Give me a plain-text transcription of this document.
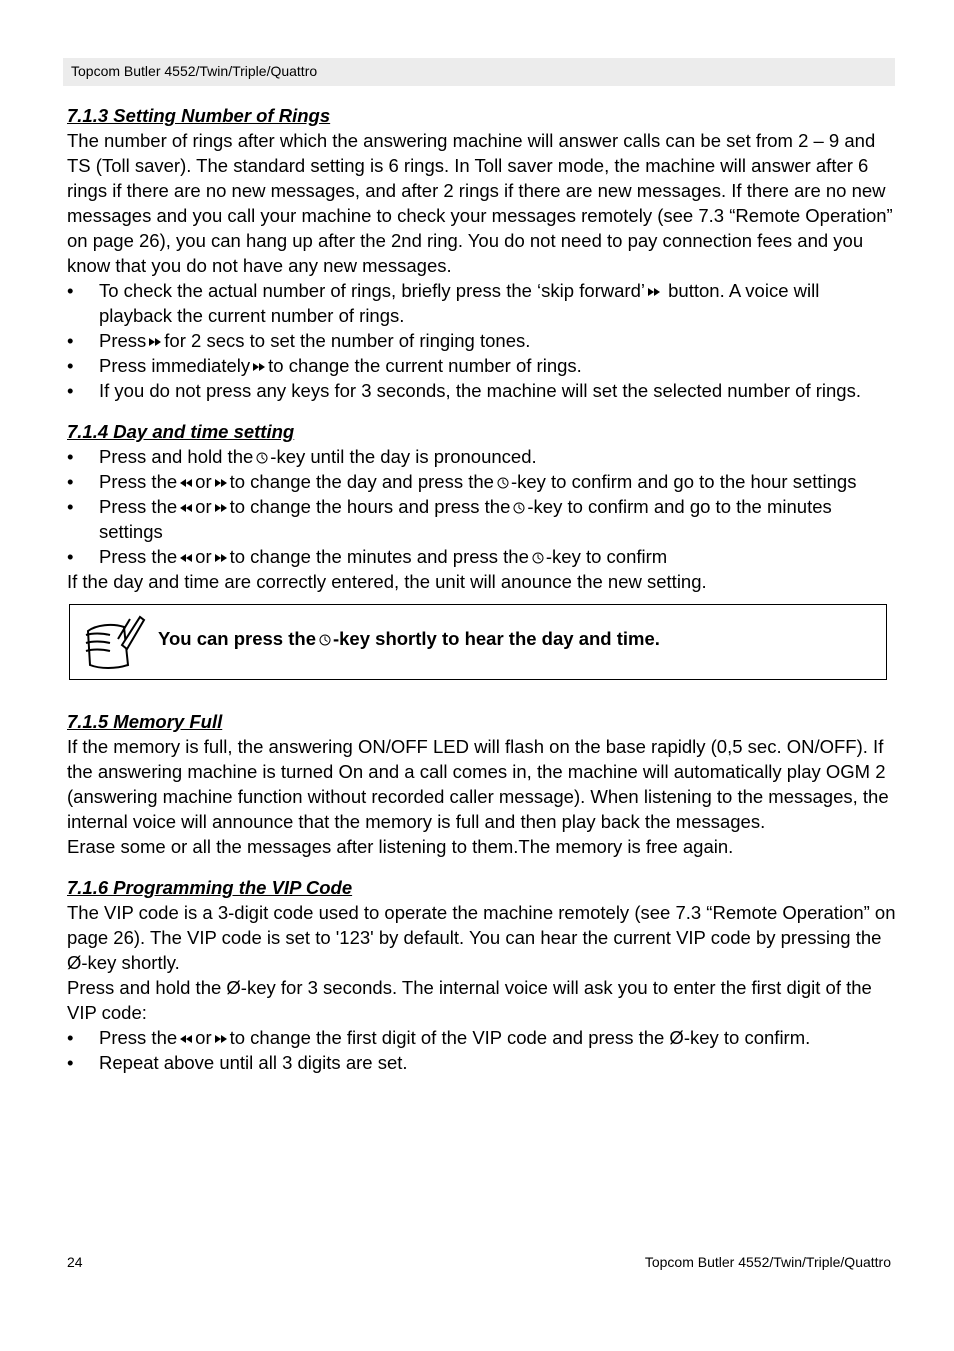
Topcom Butler 4552/Twin/Triple/Quattro
7.1.3 Setting Number of Rings

The number of rings after which the answering machine will answer calls can be set from 2 – 9 and TS (Toll saver). The standard setting is 6 rings. In Toll saver mode, the machine will answer after 6 rings if there are no new messages, and after 2 rings if there are new messages. If there are no new messages and you call your machine to check your messages remotely (see 7.3 “Remote Operation” on page 26), you can hang up after the 2nd ring. You do not need to pay connection fees and you know that you do not have any new messages.

• To check the actual number of rings, briefly press the ‘skip forward’ button. A voice will playback the current number of rings.
• Press for 2 secs to set the number of ringing tones.
• Press immediately to change the current number of rings.
• If you do not press any keys for 3 seconds, the machine will set the selected number of rings.
7.1.4 Day and time setting
• Press and hold the -key until the day is pronounced.
• Press the or to change the day and press the -key to confirm and go to the hour settings
• Press the or to change the hours and press the -key to confirm and go to the minutes settings
• Press the or to change the minutes and press the -key to confirm

If the day and time are correctly entered, the unit will anounce the new setting.

You can press the -key shortly to hear the day and time.
7.1.5 Memory Full

If the memory is full, the answering ON/OFF LED will flash on the base rapidly (0,5 sec. ON/OFF). If the answering machine is turned On and a call comes in, the machine will automatically play OGM 2 (answering machine function without recorded caller message). When listening to the messages, the internal voice will announce that the memory is full and then play back the messages.

Erase some or all the messages after listening to them.The memory is free again.

7.1.6 Programming the VIP Code

The VIP code is a 3-digit code used to operate the machine remotely (see 7.3 “Remote Operation” on page 26). The VIP code is set to '123' by default. You can hear the current VIP code by pressing the Ø-key shortly.

Press and hold the Ø-key for 3 seconds. The internal voice will ask you to enter the first digit of the VIP code:

• Press the or to change the first digit of the VIP code and press the Ø-key to confirm.
• Repeat above until all 3 digits are set.
24	Topcom Butler 4552/Twin/Triple/Quattro
